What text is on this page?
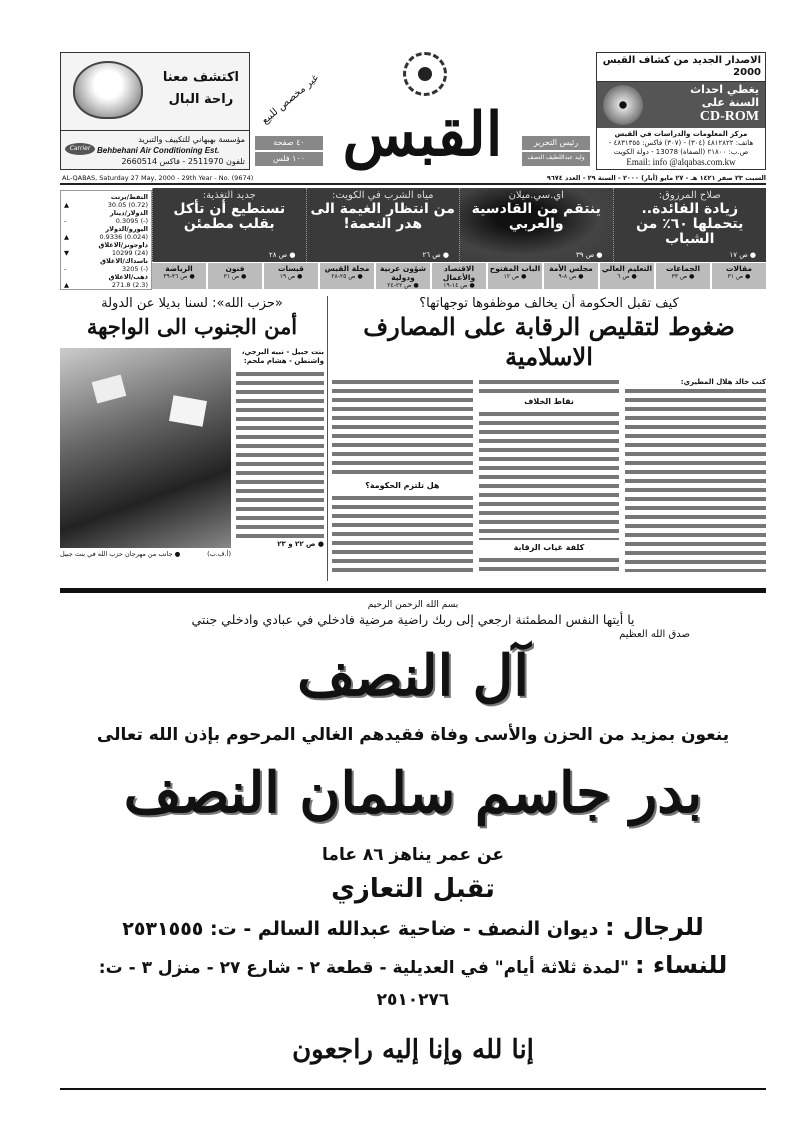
اكتشف معنا
راحة البال
مؤسسة بهبهاني للتكييف والتبريد
Behbehani Air Conditioning Est.
تلفون 2511970 - فاكس 2660514
Carrier
غير مخصص للبيع
القبس
٤٠ صفحة
١٠٠ فلس
رئيس التحرير
وليد عبداللطيف النصف
الاصدار الجديد من كشاف القبس 2000
يغطي احداث
السنة على
CD-ROM
مركز المعلومات والدراسات في القبس
هاتف: ٤٨١٢٨٢٢ (٣٠٤) - (٣٠٧) فاكس: ٤٨٣١٣٥٥ - ص.ب: ٢١٨٠٠ (الصفاة) 13078 - دولة الكويت
Email: info @alqabas.com.kw
AL-QABAS, Saturday 27 May, 2000 - 29th Year - No. (9674)	السبت ٢٣ صفر ١٤٢١ هـ - ٢٧ مايو (أيار) ٢٠٠٠ - السنة ٢٩ - العدد ٩٦٧٤
النفط/برنت
(0.72) 30.05
▲
الدولار/دينار
(-) 0.3095
-
اليورو/الدولار
(0.024) 0.9336
▲
داوجونز/الاغلاق
(24) 10299
▼
ناسداك/الاغلاق
(-) 3205
-
ذهب/الاغلاق
(2.3) 271.8
▲
صلاح المرزوق:
زيادة الفائدة.. يتحملها ٦٠٪ من الشباب
● ص ١٧
اي.سي.ميلان
ينتقم من القادسية والعربي
● ص ٣٩
مياه الشرب في الكويت:
من انتظار الغيمة الى هدر النعمة!
● ص ٢٦
جديد التغذية:
تستطيع أن تأكل بقلب مطمئن
● ص ٢٨
مقالات
● ص ٣١
الجماعات
● ص ٣٣
التعليم العالي
● ص ٦
مجلس الأمة
● ص ٨-٩
الباب المفتوح
● ص ١٢
الاقتصاد والأعمال
● ص ١٤-١٩
شؤون عربية ودولية
● ص ٢٢-٢٤
مجلة القبس
● ص ٢٥-٢٨
قبسات
● ص ١٩
فنون
● ص ٣١
الرياضة
● ص ٣٦-٣٩
كيف تقبل الحكومة أن يخالف موظفوها توجهاتها؟
ضغوط لتقليص الرقابة على المصارف الاسلامية
كتب خالد هلال المطيري:
نقاط الخلاف
كلفة غياب الرقابة
هل تلتزم الحكومة؟
«حزب الله»: لسنا بديلا عن الدولة
أمن الجنوب الى الواجهة
بنت جبيل - نبيه البرجي، واشنطن - هشام ملحم:
● ص ٢٢ و ٢٣
● جانب من مهرجان حزب الله في بنت جبيل	(أ.ف.ب)
بسم الله الرحمن الرحيم
يا أيتها النفس المطمئنة ارجعي إلى ربك راضية مرضية فادخلي في عبادي وادخلي جنتي
صدق الله العظيم
آل النصف
ينعون بمزيد من الحزن والأسى وفاة فقيدهم الغالي المرحوم بإذن الله تعالى
بدر جاسم سلمان النصف
عن عمر يناهز ٨٦ عاما
تقبل التعازي
للرجال : ديوان النصف - ضاحية عبدالله السالم - ت: ٢٥٣١٥٥٥
للنساء : "لمدة ثلاثة أيام" في العديلية - قطعة ٢ - شارع ٢٧ - منزل ٣ - ت: ٢٥١٠٢٧٦
إنا لله وإنا إليه راجعون
